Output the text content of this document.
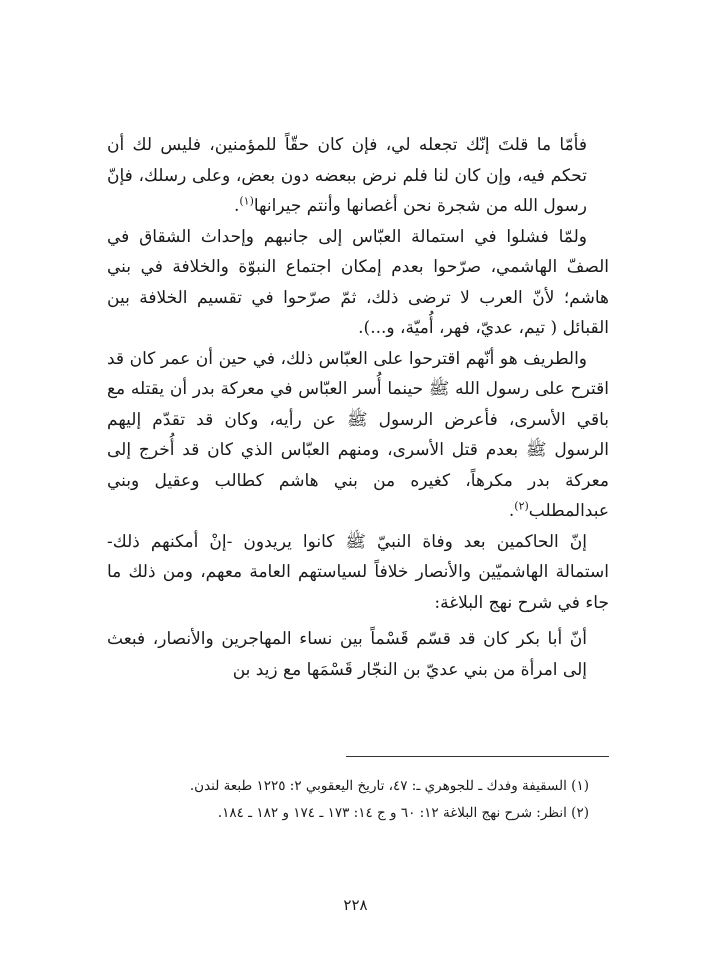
فأمّا ما قلتَ إنّك تجعله لي، فإن كان حقّاً للمؤمنين، فليس لك أن تحكم فيه، وإن كان لنا فلم نرض ببعضه دون بعض، وعلى رسلك، فإنّ رسول الله من شجرة نحن أغصانها وأنتم جيرانها$^{(١)}$.

ولمّا فشلوا في استمالة العبّاس إلى جانبهم وإحداث الشقاق في الصفّ الهاشمي، صرّحوا بعدم إمكان اجتماع النبوّة والخلافة في بني هاشم؛ لأنّ العرب لا ترضى ذلك، ثمّ صرّحوا في تقسيم الخلافة بين القبائل ( تيم، عديّ، فهر، أُميّة، و...).

والطريف هو أنّهم اقترحوا على العبّاس ذلك، في حين أن عمر كان قد اقترح على رسول الله ﷺ حينما أُسر العبّاس في معركة بدر أن يقتله مع باقي الأسرى، فأعرض الرسول ﷺ عن رأيه، وكان قد تقدّم إليهم الرسول ﷺ بعدم قتل الأسرى، ومنهم العبّاس الذي كان قد أُخرج إلى معركة بدر مكرهاً، كغيره من بني هاشم كطالب وعقيل وبني عبدالمطلب$^{(٢)}$.

إنّ الحاكمين بعد وفاة النبيّ ﷺ كانوا يريدون -إنْ أمكنهم ذلك- استمالة الهاشميّين والأنصار خلافاً لسياستهم العامة معهم، ومن ذلك ما جاء في شرح نهج البلاغة:

أنّ أبا بكر كان قد قسّم قَسْماً بين نساء المهاجرين والأنصار، فبعث إلى امرأة من بني عديّ بن النجّار قَسْمَها مع زيد بن

(١) السقيفة وفدك ـ للجوهري ـ: ٤٧، تاريخ اليعقوبي ٢: ١٢٢٥ طبعة لندن.

(٢) انظر: شرح نهج البلاغة ١٢: ٦٠ و ج ١٤: ١٧٣ ـ ١٧٤ و ١٨٢ ـ ١٨٤.

٢٢٨
